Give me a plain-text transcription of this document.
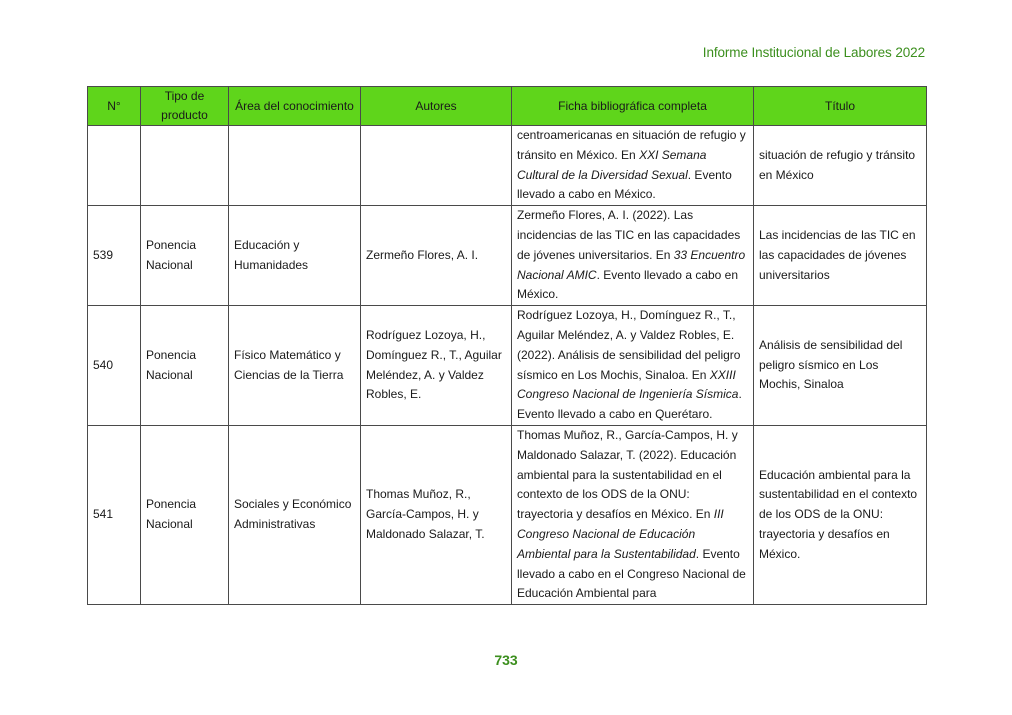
Informe Institucional de Labores 2022
N°	Tipo de producto	Área del conocimiento	Autores	Ficha bibliográfica completa	Título

				centroamericanas en situación de refugio y tránsito en México. En XXI Semana Cultural de la Diversidad Sexual. Evento llevado a cabo en México.	situación de refugio y tránsito en México
539	Ponencia Nacional	Educación y Humanidades	Zermeño Flores, A. I.	Zermeño Flores, A. I. (2022). Las incidencias de las TIC en las capacidades de jóvenes universitarios. En 33 Encuentro Nacional AMIC. Evento llevado a cabo en México.	Las incidencias de las TIC en las capacidades de jóvenes universitarios
540	Ponencia Nacional	Físico Matemático y Ciencias de la Tierra	Rodríguez Lozoya, H., Domínguez R., T., Aguilar Meléndez, A. y Valdez Robles, E.	Rodríguez Lozoya, H., Domínguez R., T., Aguilar Meléndez, A. y Valdez Robles, E. (2022). Análisis de sensibilidad del peligro sísmico en Los Mochis, Sinaloa. En XXIII Congreso Nacional de Ingeniería Sísmica. Evento llevado a cabo en Querétaro.	Análisis de sensibilidad del peligro sísmico en Los Mochis, Sinaloa
541	Ponencia Nacional	Sociales y Económico Administrativas	Thomas Muñoz, R., García-Campos, H. y Maldonado Salazar, T.	Thomas Muñoz, R., García-Campos, H. y Maldonado Salazar, T. (2022). Educación ambiental para la sustentabilidad en el contexto de los ODS de la ONU: trayectoria y desafíos en México. En III Congreso Nacional de Educación Ambiental para la Sustentabilidad. Evento llevado a cabo en el Congreso Nacional de Educación Ambiental para	Educación ambiental para la sustentabilidad en el contexto de los ODS de la ONU: trayectoria y desafíos en México.
733
